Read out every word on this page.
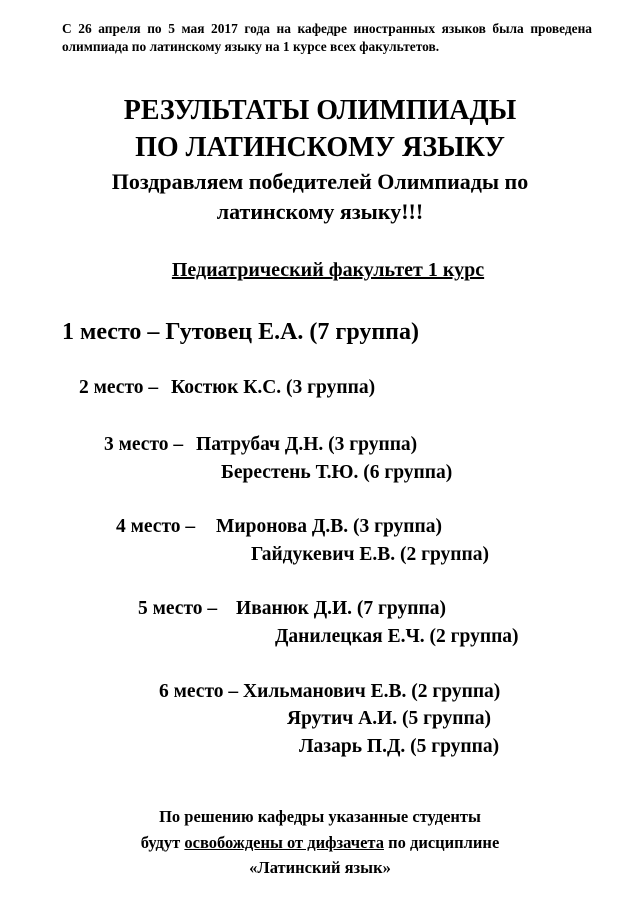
С 26 апреля по 5 мая 2017 года на кафедре иностранных языков была проведена олимпиада по латинскому языку на 1 курсе всех факультетов.
РЕЗУЛЬТАТЫ ОЛИМПИАДЫ
ПО ЛАТИНСКОМУ ЯЗЫКУ
Поздравляем победителей Олимпиады по
латинскому языку!!!
Педиатрический факультет 1 курс
1 место – Гутовец Е.А. (7 группа)
2 место – Костюк К.С. (3 группа)
3 место – Патрубач Д.Н. (3 группа)
Берестень Т.Ю. (6 группа)
4 место – Миронова Д.В. (3 группа)
Гайдукевич Е.В. (2 группа)
5 место – Иванюк Д.И. (7 группа)
Данилецкая Е.Ч. (2 группа)
6 место – Хильманович Е.В. (2 группа)
Ярутич А.И. (5 группа)
Лазарь П.Д. (5 группа)
По решению кафедры указанные студенты
будут освобождены от дифзачета по дисциплине
«Латинский язык»
